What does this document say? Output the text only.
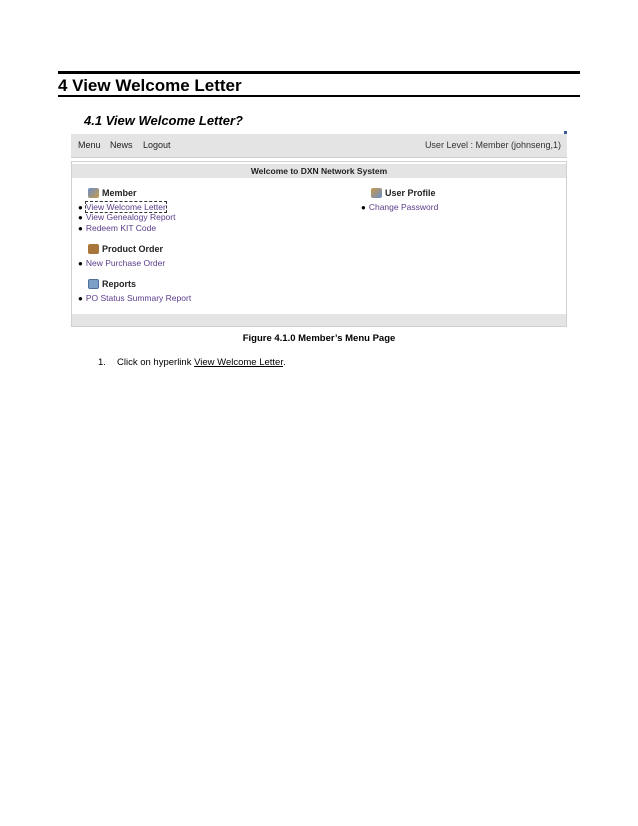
4 View Welcome Letter
4.1 View Welcome Letter?
Menu News Logout	User Level : Member (johnseng,1)
Welcome to DXN Network System
Member
● View Welcome Letter
● View Genealogy Report
● Redeem KIT Code
Product Order
● New Purchase Order
Reports
● PO Status Summary Report
User Profile
● Change Password
Figure 4.1.0 Member’s Menu Page
1. Click on hyperlink View Welcome Letter.
